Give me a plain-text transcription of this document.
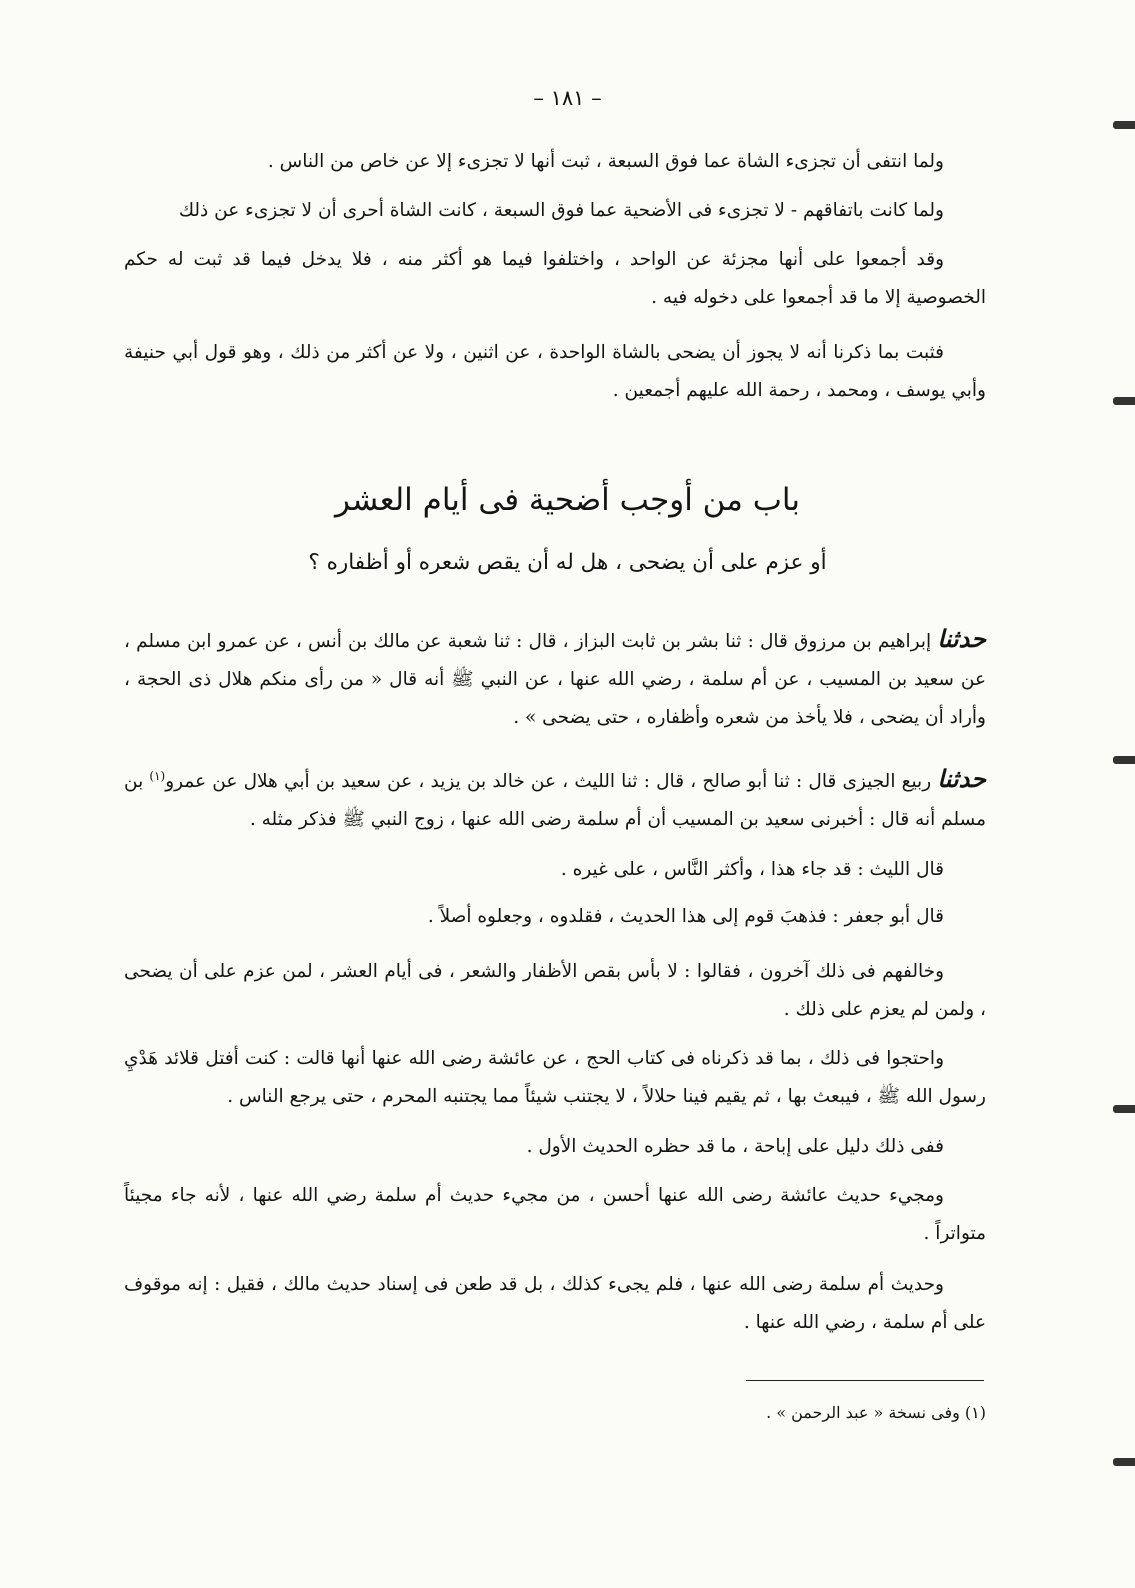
– ١٨١ –

ولما انتفى أن تجزىء الشاة عما فوق السبعة ، ثبت أنها لا تجزىء إلا عن خاص من الناس .

ولما كانت باتفاقهم - لا تجزىء فى الأضحية عما فوق السبعة ، كانت الشاة أحرى أن لا تجزىء عن ذلك

وقد أجمعوا على أنها مجزئة عن الواحد ، واختلفوا فيما هو أكثر منه ، فلا يدخل فيما قد ثبت له حكم الخصوصية إلا ما قد أجمعوا على دخوله فيه .

فثبت بما ذكرنا أنه لا يجوز أن يضحى بالشاة الواحدة ، عن اثنين ، ولا عن أكثر من ذلك ، وهو قول أبي حنيفة وأبي يوسف ، ومحمد ، رحمة الله عليهم أجمعين .

باب من أوجب أضحية فى أيام العشر
أو عزم على أن يضحى ، هل له أن يقص شعره أو أظفاره ؟

حدثنا إبراهيم بن مرزوق قال : ثنا بشر بن ثابت البزاز ، قال : ثنا شعبة عن مالك بن أنس ، عن عمرو ابن مسلم ، عن سعيد بن المسيب ، عن أم سلمة ، رضي الله عنها ، عن النبي ﷺ أنه قال « من رأى منكم هلال ذى الحجة ، وأراد أن يضحى ، فلا يأخذ من شعره وأظفاره ، حتى يضحى » .

حدثنا ربيع الجيزى قال : ثنا أبو صالح ، قال : ثنا الليث ، عن خالد بن يزيد ، عن سعيد بن أبي هلال عن عمرو$^{(١)}$ بن مسلم أنه قال : أخبرنى سعيد بن المسيب أن أم سلمة رضى الله عنها ، زوج النبي ﷺ فذكر مثله .

قال الليث : قد جاء هذا ، وأكثر النَّاس ، على غيره .

قال أبو جعفر : فذهبَ قوم إلى هذا الحديث ، فقلدوه ، وجعلوه أصلاً .

وخالفهم فى ذلك آخرون ، فقالوا : لا بأس بقص الأظفار والشعر ، فى أيام العشر ، لمن عزم على أن يضحى ، ولمن لم يعزم على ذلك .

واحتجوا فى ذلك ، بما قد ذكرناه فى كتاب الحج ، عن عائشة رضى الله عنها أنها قالت : كنت أفتل قلائد هَدْيِ رسول الله ﷺ ، فيبعث بها ، ثم يقيم فينا حلالاً ، لا يجتنب شيئاً مما يجتنبه المحرم ، حتى يرجع الناس .

ففى ذلك دليل على إباحة ، ما قد حظره الحديث الأول .

ومجيء حديث عائشة رضى الله عنها أحسن ، من مجيء حديث أم سلمة رضي الله عنها ، لأنه جاء مجيئاً متواتراً .

وحديث أم سلمة رضى الله عنها ، فلم يجىء كذلك ، بل قد طعن فى إسناد حديث مالك ، فقيل : إنه موقوف على أم سلمة ، رضي الله عنها .

(١) وفى نسخة « عبد الرحمن » .
